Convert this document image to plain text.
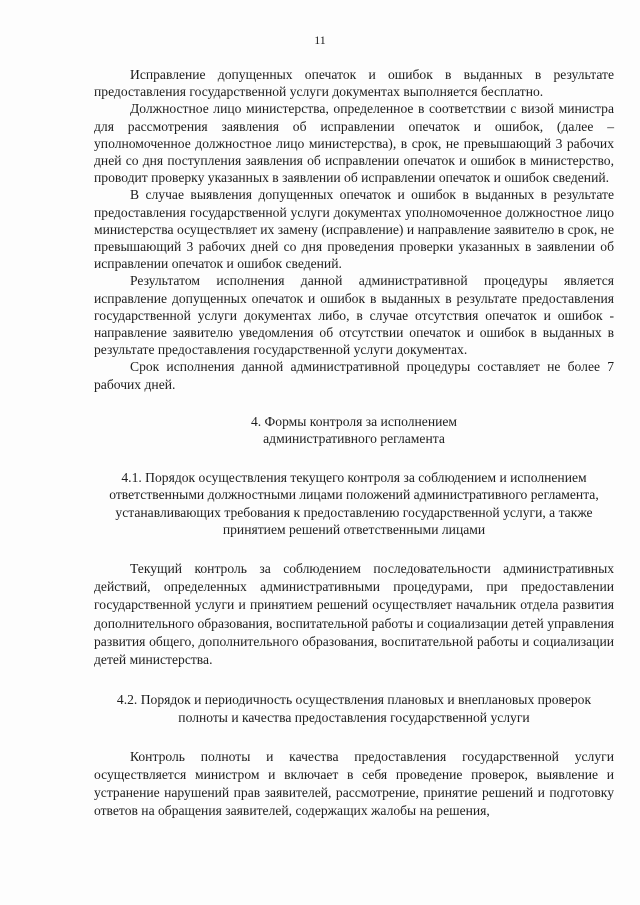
11

Исправление допущенных опечаток и ошибок в выданных в результате предоставления государственной услуги документах выполняется бесплатно.

Должностное лицо министерства, определенное в соответствии с визой министра для рассмотрения заявления об исправлении опечаток и ошибок, (далее – уполномоченное должностное лицо министерства), в срок, не превышающий 3 рабочих дней со дня поступления заявления об исправлении опечаток и ошибок в министерство, проводит проверку указанных в заявлении об исправлении опечаток и ошибок сведений.

В случае выявления допущенных опечаток и ошибок в выданных в результате предоставления государственной услуги документах уполномоченное должностное лицо министерства осуществляет их замену (исправление) и направление заявителю в срок, не превышающий 3 рабочих дней со дня проведения проверки указанных в заявлении об исправлении опечаток и ошибок сведений.

Результатом исполнения данной административной процедуры является исправление допущенных опечаток и ошибок в выданных в результате предоставления государственной услуги документах либо, в случае отсутствия опечаток и ошибок - направление заявителю уведомления об отсутствии опечаток и ошибок в выданных в результате предоставления государственной услуги документах.

Срок исполнения данной административной процедуры составляет не более 7 рабочих дней.

4. Формы контроля за исполнением
административного регламента
4.1. Порядок осуществления текущего контроля за соблюдением и исполнением ответственными должностными лицами положений административного регламента, устанавливающих требования к предоставлению государственной услуги, а также принятием решений ответственными лицами

Текущий контроль за соблюдением последовательности административных действий, определенных административными процедурами, при предоставлении государственной услуги и принятием решений осуществляет начальник отдела развития дополнительного образования, воспитательной работы и социализации детей управления развития общего, дополнительного образования, воспитательной работы и социализации детей министерства.

4.2. Порядок и периодичность осуществления плановых и внеплановых проверок полноты и качества предоставления государственной услуги

Контроль полноты и качества предоставления государственной услуги осуществляется министром и включает в себя проведение проверок, выявление и устранение нарушений прав заявителей, рассмотрение, принятие решений и подготовку ответов на обращения заявителей, содержащих жалобы на решения,
